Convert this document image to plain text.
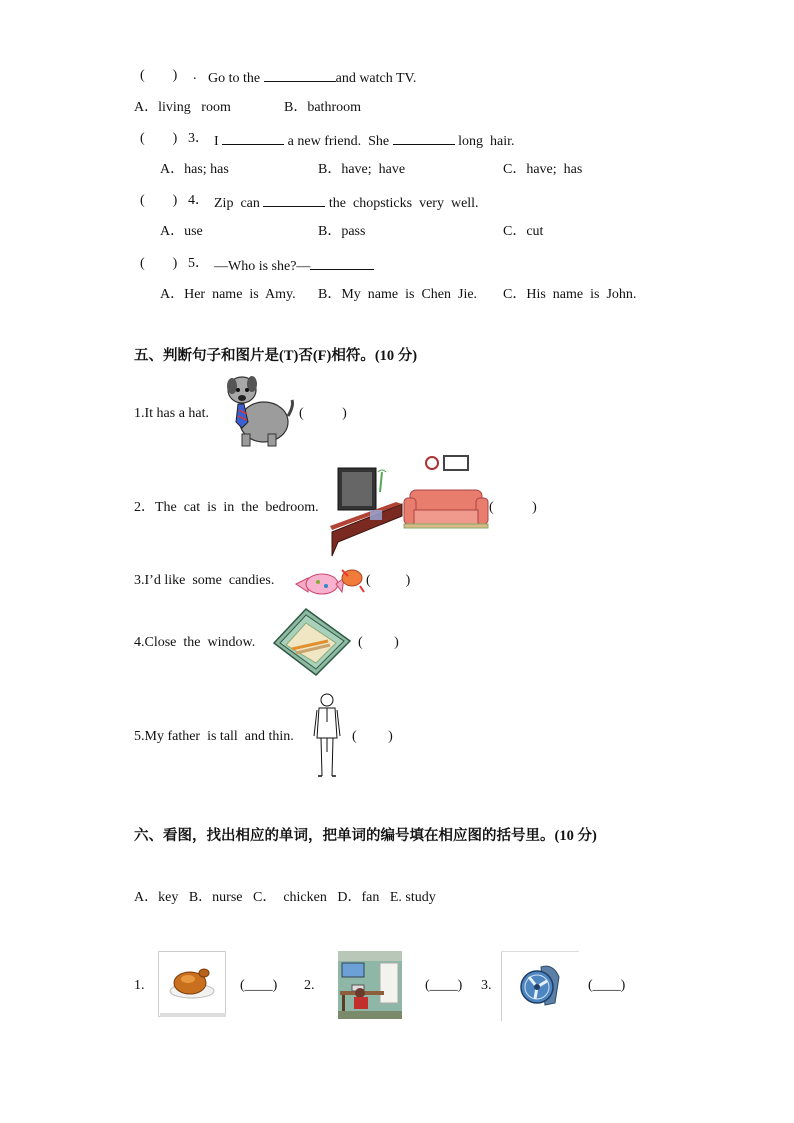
(        ) . Go to the	and watch TV.
A．living   room	B．bathroom
(        ) 3． I	a new friend.  She	long  hair.
A．has; has	B．have;  have	C．have;  has
(        ) 4． Zip  can	the  chopsticks  very  well.
A．use	B．pass	C．cut
(        ) 5． —Who is she?—
A．Her  name  is  Amy. B．My  name  is  Chen  Jie. C．His  name  is  John.
五、判断句子和图片是(T)否(F)相符。(10 分)
1.It has a hat.	(           )
2．The  cat  is  in  the  bedroom.	(           )
3.I’d like  some  candies.	(          )
4.Close  the  window.	(         )
5.My father  is tall  and thin.	(         )
六、看图，找出相应的单词，把单词的编号填在相应图的括号里。(10 分)
A．key   B．nurse   C．  chicken   D．fan   E. study
1.	(____) 2.	(____) 3.	(____)
